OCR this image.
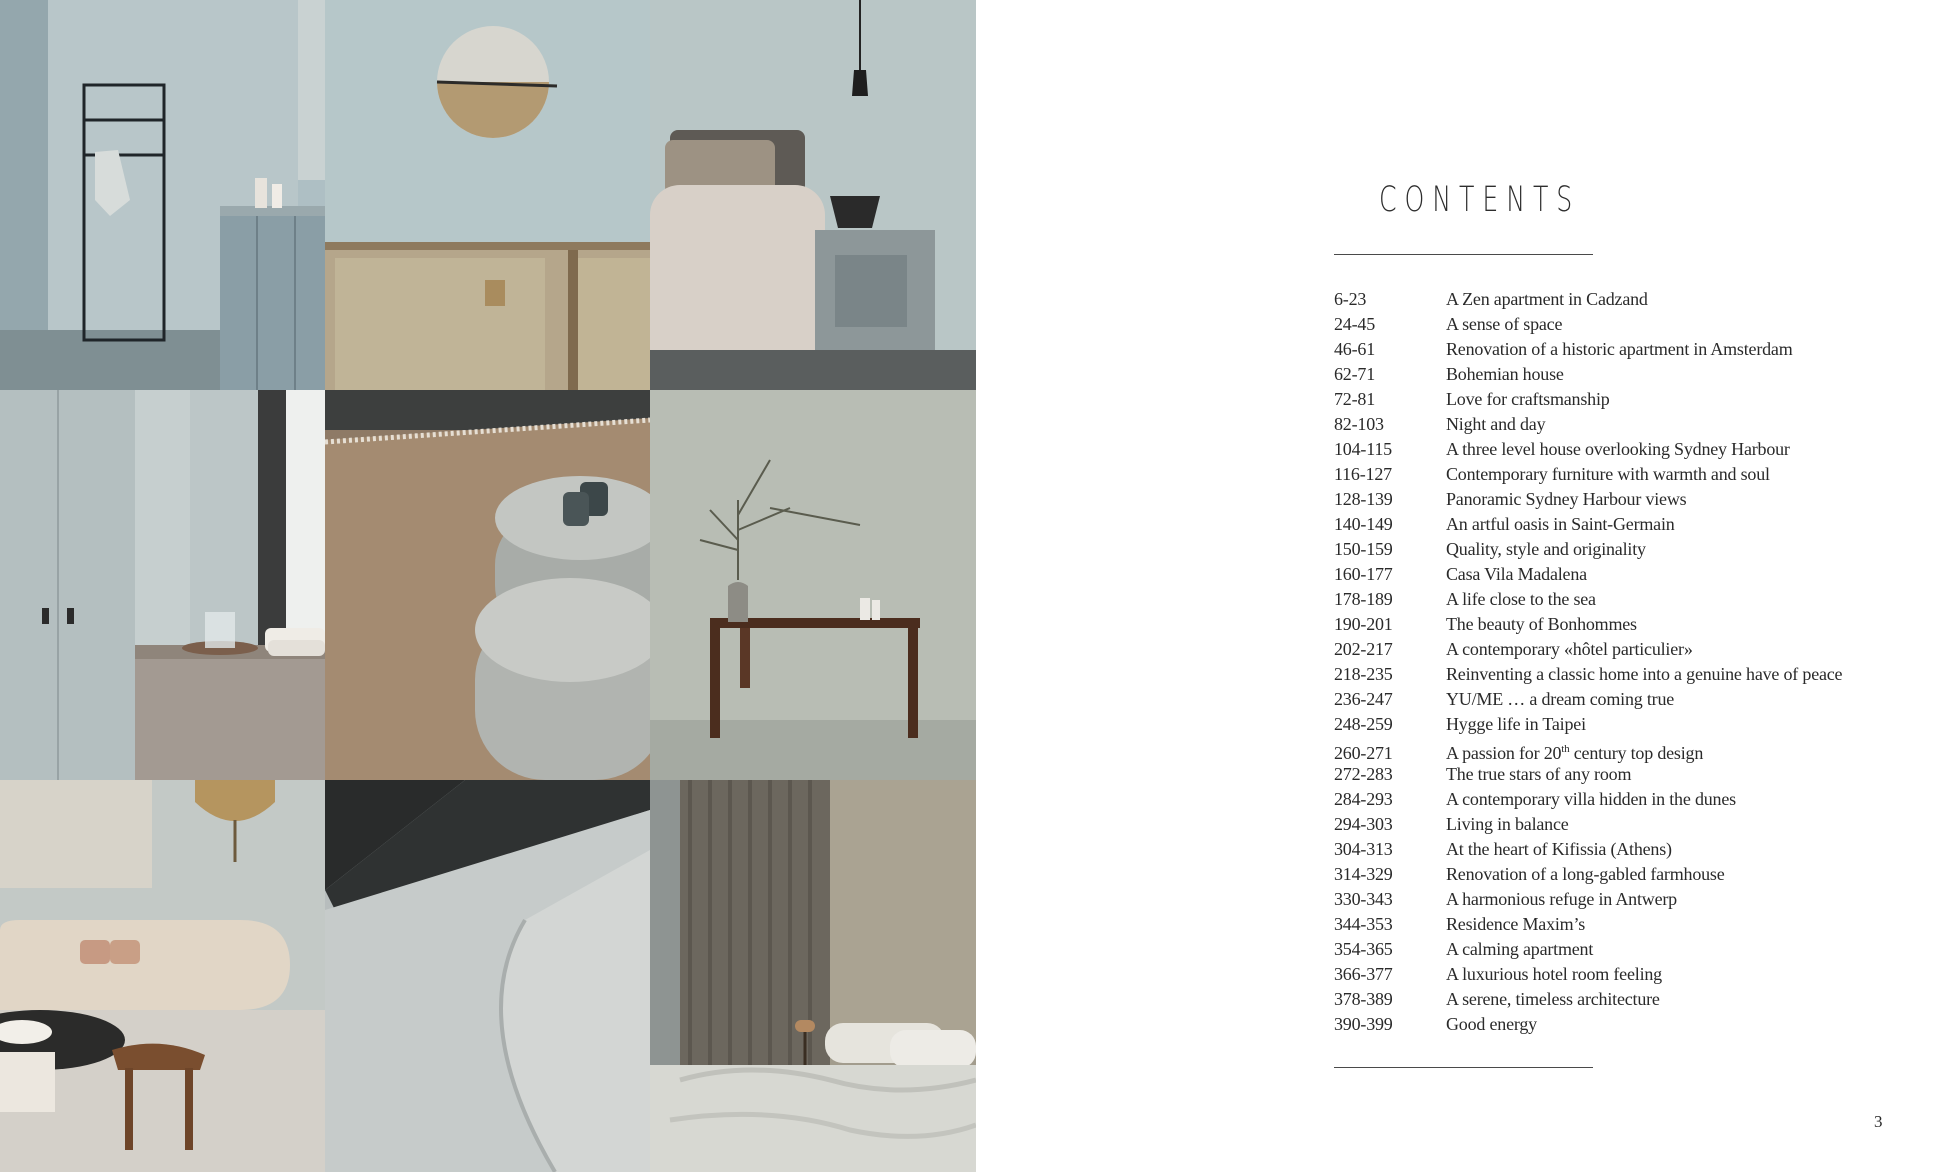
CONTENTS
6-23	A Zen apartment in Cadzand
24-45	A sense of space
46-61	Renovation of a historic apartment in Amsterdam
62-71	Bohemian house
72-81	Love for craftsmanship
82-103	Night and day
104-115	A three level house overlooking Sydney Harbour
116-127	Contemporary furniture with warmth and soul
128-139	Panoramic Sydney Harbour views
140-149	An artful oasis in Saint-Germain
150-159	Quality, style and originality
160-177	Casa Vila Madalena
178-189	A life close to the sea
190-201	The beauty of Bonhommes
202-217	A contemporary «hôtel particulier»
218-235	Reinventing a classic home into a genuine have of peace
236-247	YU/ME … a dream coming true
248-259	Hygge life in Taipei
260-271	A passion for 20th century top design
272-283	The true stars of any room
284-293	A contemporary villa hidden in the dunes
294-303	Living in balance
304-313	At the heart of Kifissia (Athens)
314-329	Renovation of a long-gabled farmhouse
330-343	A harmonious refuge in Antwerp
344-353	Residence Maxim’s
354-365	A calming apartment
366-377	A luxurious hotel room feeling
378-389	A serene, timeless architecture
390-399	Good energy
3
